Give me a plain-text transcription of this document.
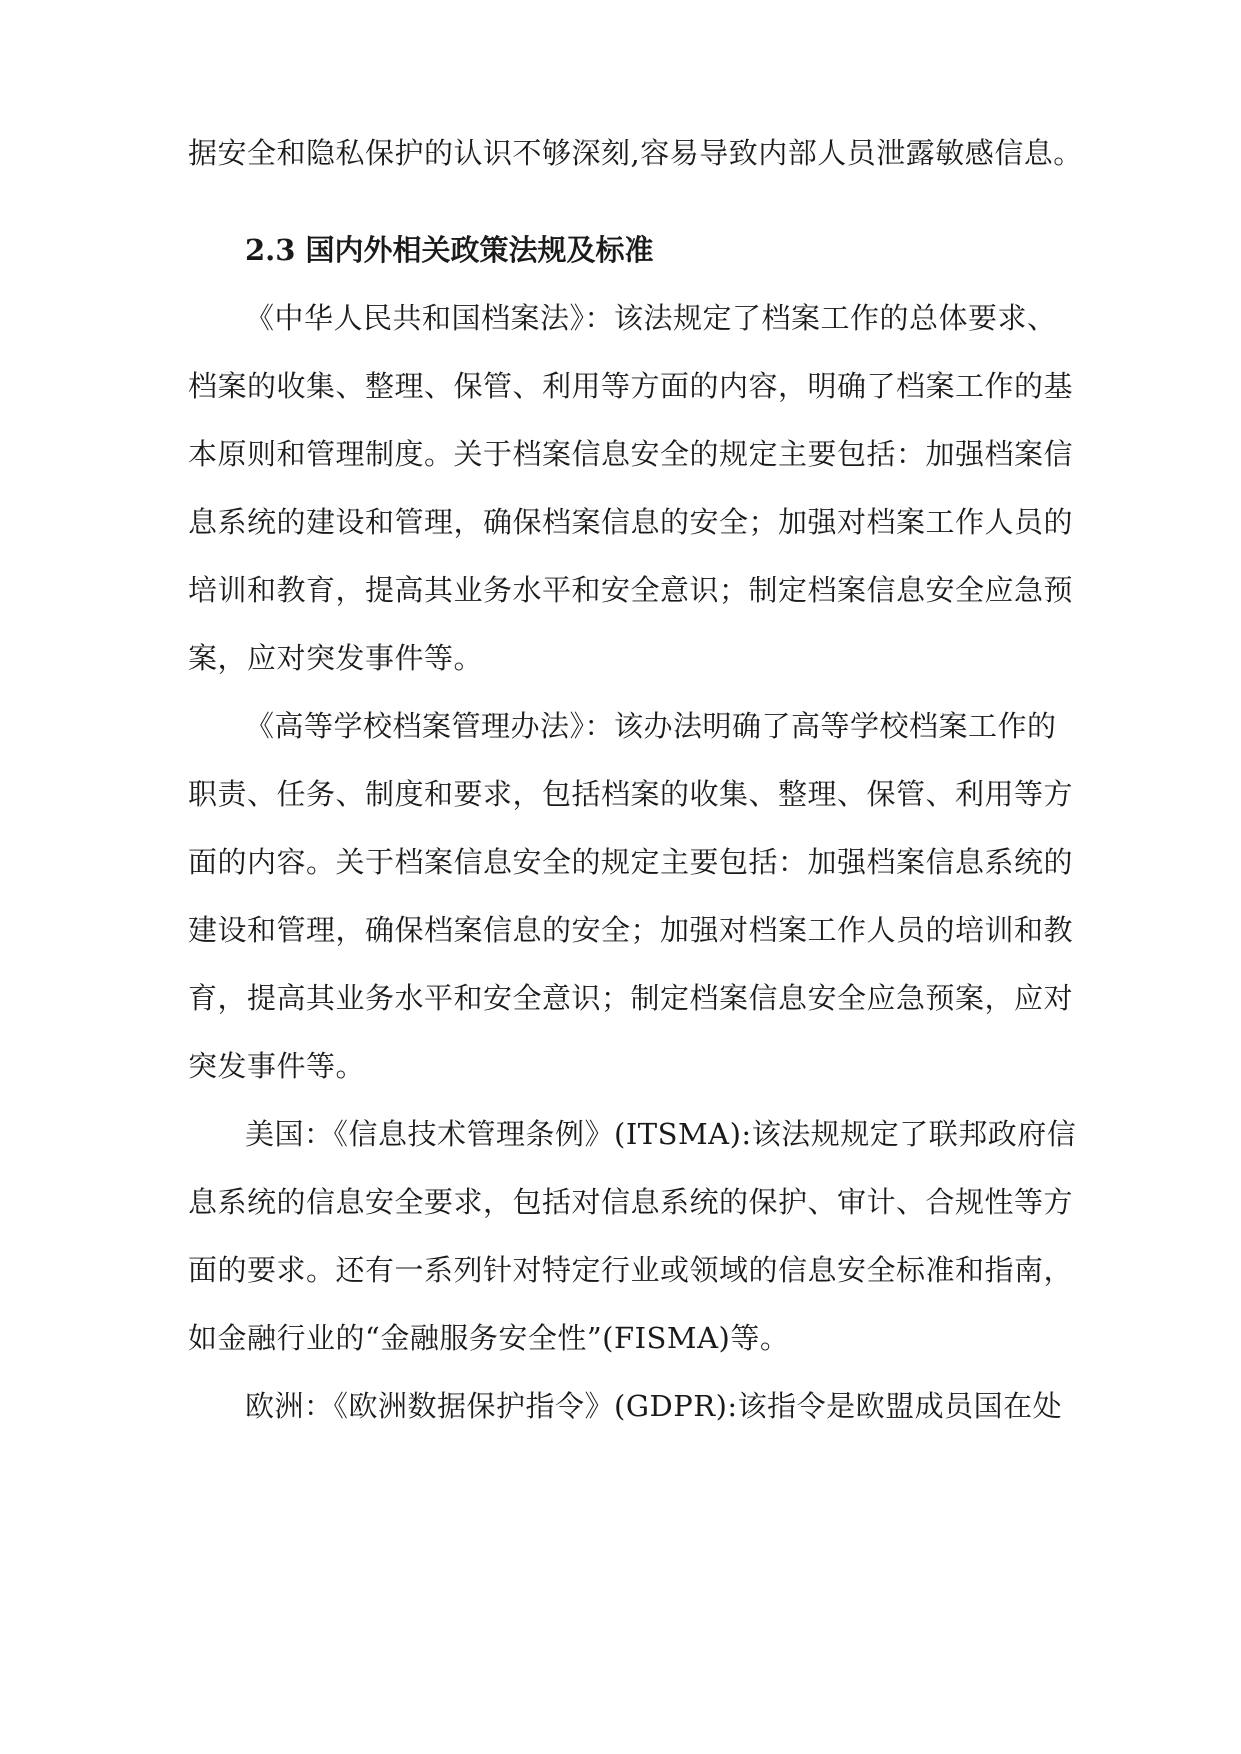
据安全和隐私保护的认识不够深刻,容易导致内部人员泄露敏感信息。
2.3 国内外相关政策法规及标准
《中华人民共和国档案法》：该法规定了档案工作的总体要求、
档案的收集、整理、保管、利用等方面的内容，明确了档案工作的基
本原则和管理制度。关于档案信息安全的规定主要包括：加强档案信
息系统的建设和管理，确保档案信息的安全；加强对档案工作人员的
培训和教育，提高其业务水平和安全意识；制定档案信息安全应急预
案，应对突发事件等。
《高等学校档案管理办法》：该办法明确了高等学校档案工作的
职责、任务、制度和要求，包括档案的收集、整理、保管、利用等方
面的内容。关于档案信息安全的规定主要包括：加强档案信息系统的
建设和管理，确保档案信息的安全；加强对档案工作人员的培训和教
育，提高其业务水平和安全意识；制定档案信息安全应急预案，应对
突发事件等。
美国：《信息技术管理条例》(ITSMA):该法规规定了联邦政府信
息系统的信息安全要求，包括对信息系统的保护、审计、合规性等方
面的要求。还有一系列针对特定行业或领域的信息安全标准和指南，
如金融行业的“金融服务安全性”(FISMA)等。
欧洲：《欧洲数据保护指令》(GDPR):该指令是欧盟成员国在处
